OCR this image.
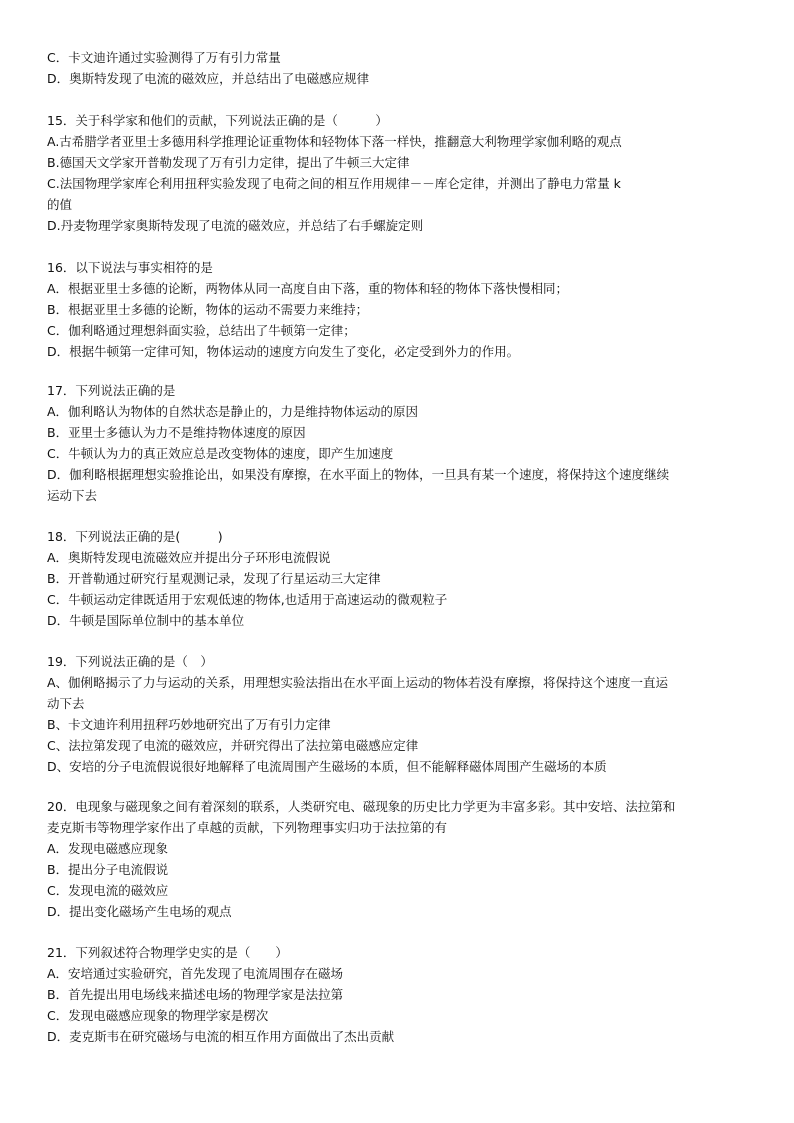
C．卡文迪许通过实验测得了万有引力常量
D．奥斯特发现了电流的磁效应，并总结出了电磁感应规律
15．关于科学家和他们的贡献，下列说法正确的是（　　　）
A.古希腊学者亚里士多德用科学推理论证重物体和轻物体下落一样快，推翻意大利物理学家伽利略的观点
B.德国天文学家开普勒发现了万有引力定律，提出了牛顿三大定律
C.法国物理学家库仑利用扭秤实验发现了电荷之间的相互作用规律－－库仑定律，并测出了静电力常量 k
的值
D.丹麦物理学家奥斯特发现了电流的磁效应，并总结了右手螺旋定则
16．以下说法与事实相符的是
A．根据亚里士多德的论断，两物体从同一高度自由下落，重的物体和轻的物体下落快慢相同；
B．根据亚里士多德的论断，物体的运动不需要力来维持；
C．伽利略通过理想斜面实验，总结出了牛顿第一定律；
D．根据牛顿第一定律可知，物体运动的速度方向发生了变化，必定受到外力的作用。
17．下列说法正确的是
A．伽利略认为物体的自然状态是静止的，力是维持物体运动的原因
B．亚里士多德认为力不是维持物体速度的原因
C．牛顿认为力的真正效应总是改变物体的速度，即产生加速度
D．伽利略根据理想实验推论出，如果没有摩擦，在水平面上的物体，一旦具有某一个速度，将保持这个速度继续
运动下去
18．下列说法正确的是(　　　)
A．奥斯特发现电流磁效应并提出分子环形电流假说
B．开普勒通过研究行星观测记录，发现了行星运动三大定律
C．牛顿运动定律既适用于宏观低速的物体,也适用于高速运动的微观粒子
D．牛顿是国际单位制中的基本单位
19．下列说法正确的是（　）
A、伽俐略揭示了力与运动的关系，用理想实验法指出在水平面上运动的物体若没有摩擦，将保持这个速度一直运
动下去
B、卡文迪许利用扭秤巧妙地研究出了万有引力定律
C、法拉第发现了电流的磁效应，并研究得出了法拉第电磁感应定律
D、安培的分子电流假说很好地解释了电流周围产生磁场的本质，但不能解释磁体周围产生磁场的本质
20．电现象与磁现象之间有着深刻的联系，人类研究电、磁现象的历史比力学更为丰富多彩。其中安培、法拉第和
麦克斯韦等物理学家作出了卓越的贡献，下列物理事实归功于法拉第的有
A．发现电磁感应现象
B．提出分子电流假说
C．发现电流的磁效应
D．提出变化磁场产生电场的观点
21．下列叙述符合物理学史实的是（　　）
A．安培通过实验研究，首先发现了电流周围存在磁场
B．首先提出用电场线来描述电场的物理学家是法拉第
C．发现电磁感应现象的物理学家是楞次
D．麦克斯韦在研究磁场与电流的相互作用方面做出了杰出贡献
